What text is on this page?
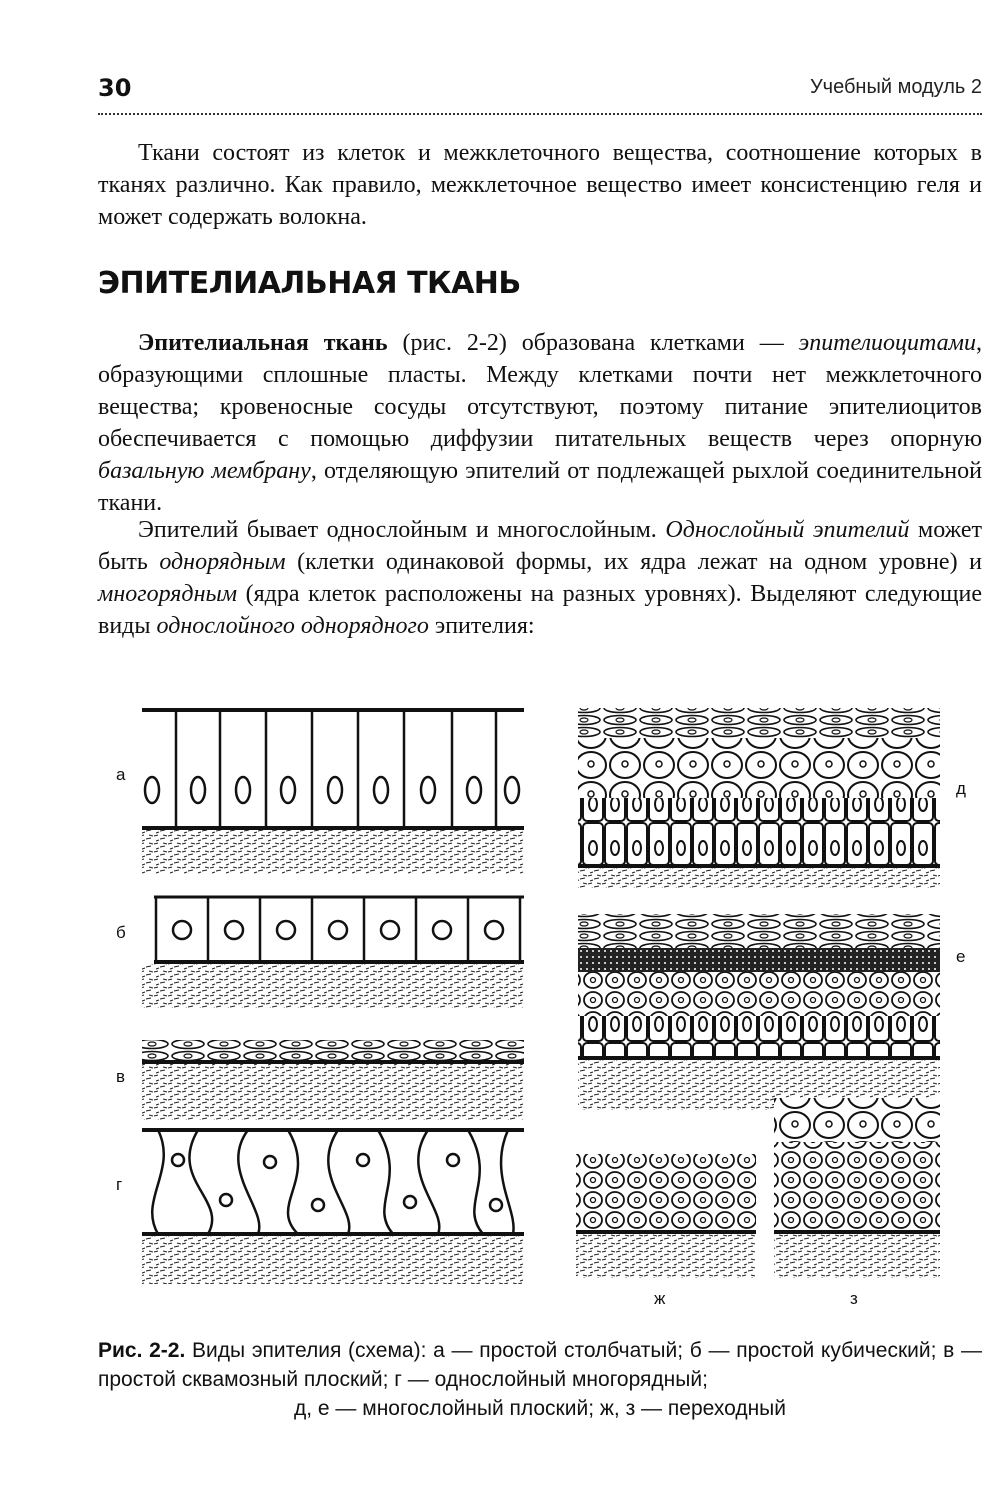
30	Учебный модуль 2

Ткани состоят из клеток и межклеточного вещества, соотношение которых в тканях различно. Как правило, межклеточное вещество имеет консистенцию геля и может содержать волокна.

ЭПИТЕЛИАЛЬНАЯ ТКАНЬ

Эпителиальная ткань (рис. 2-2) образована клетками — эпителиоцитами, образующими сплошные пласты. Между клетками почти нет межклеточного вещества; кровеносные сосуды отсутствуют, поэтому питание эпителиоцитов обеспечивается с помощью диффузии питательных веществ через опорную базальную мембрану, отделяющую эпителий от подлежащей рыхлой соединительной ткани.

Эпителий бывает однослойным и многослойным. Однослойный эпителий может быть однорядным (клетки одинаковой формы, их ядра лежат на одном уровне) и многорядным (ядра клеток расположены на разных уровнях). Выделяют следующие виды однослойного однорядного эпителия:

а
б
в
г
д
е
ж	з
Рис. 2-2. Виды эпителия (схема): а — простой столбчатый; б — простой кубический; в — простой сквамозный плоский; г — однослойный многорядный;
д, е — многослойный плоский; ж, з — переходный
